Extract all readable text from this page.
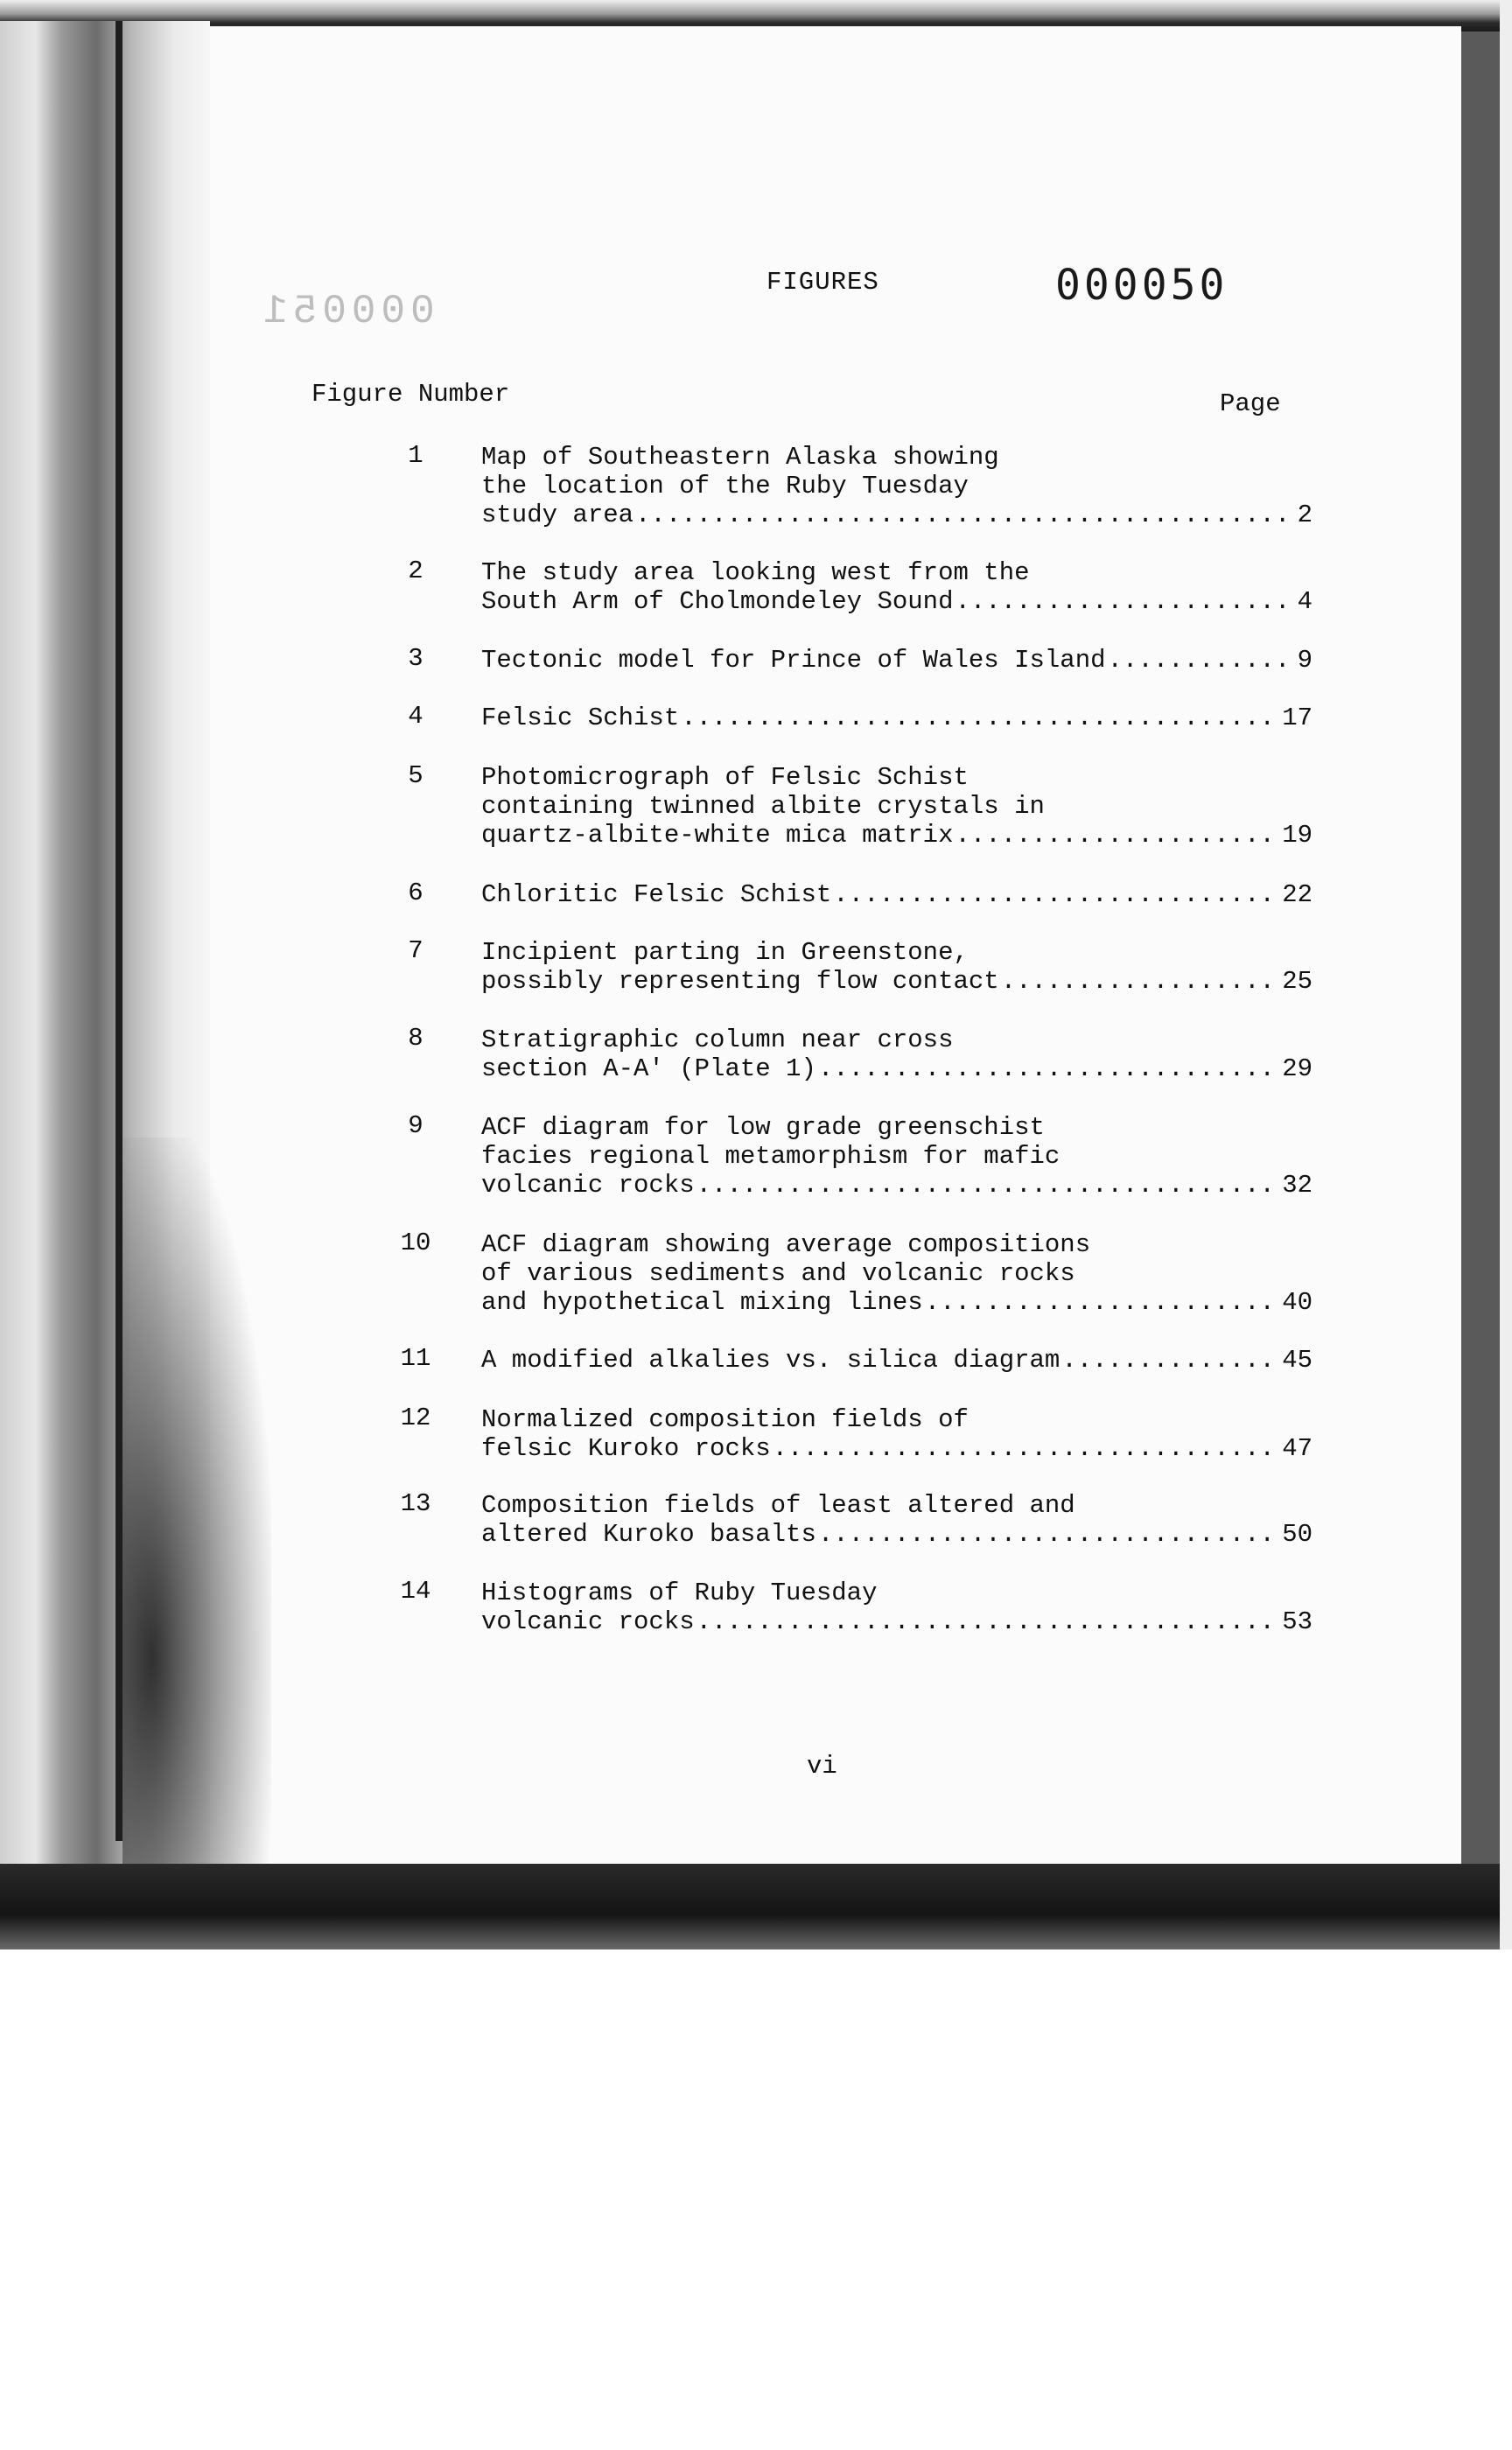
000051
FIGURES	000050
Figure Number	Page
1	Map of Southeastern Alaska showing
the location of the Ruby Tuesday
study area .....	2
2	The study area looking west from the
South Arm of Cholmondeley Sound .....	4
3	Tectonic model for Prince of Wales Island .....	9
4	Felsic Schist .....	17
5	Photomicrograph of Felsic Schist
containing twinned albite crystals in
quartz-albite-white mica matrix .....	19
6	Chloritic Felsic Schist .....	22
7	Incipient parting in Greenstone,
possibly representing flow contact .....	25
8	Stratigraphic column near cross
section A-A' (Plate 1) .....	29
9	ACF diagram for low grade greenschist
facies regional metamorphism for mafic
volcanic rocks .....	32
10	ACF diagram showing average compositions
of various sediments and volcanic rocks
and hypothetical mixing lines .....	40
11	A modified alkalies vs. silica diagram .....	45
12	Normalized composition fields of
felsic Kuroko rocks .....	47
13	Composition fields of least altered and
altered Kuroko basalts .....	50
14	Histograms of Ruby Tuesday
volcanic rocks .....	53
vi
